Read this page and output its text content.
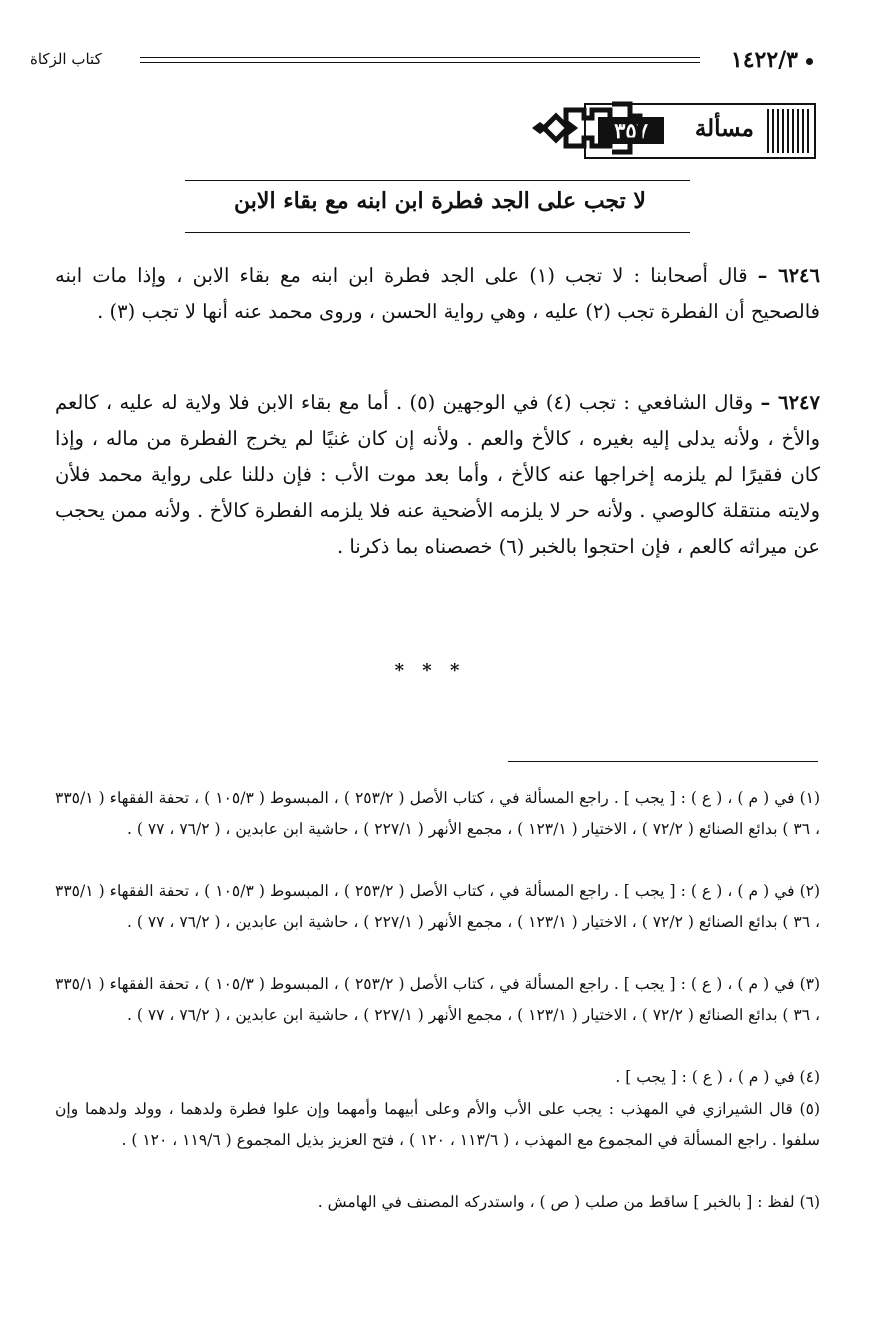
كتاب الزكاة	١٤٢٢/٣
مسألة
٣٥٧
لا تجب على الجد فطرة ابن ابنه مع بقاء الابن
٦٢٤٦ – قال أصحابنا : لا تجب (١) على الجد فطرة ابن ابنه مع بقاء الابن ، وإذا مات ابنه فالصحيح أن الفطرة تجب (٢) عليه ، وهي رواية الحسن ، وروى محمد عنه أنها لا تجب (٣) .
٦٢٤٧ – وقال الشافعي : تجب (٤) في الوجهين (٥) . أما مع بقاء الابن فلا ولاية له عليه ، كالعم والأخ ، ولأنه يدلى إليه بغيره ، كالأخ والعم . ولأنه إن كان غنيًا لم يخرج الفطرة من ماله ، وإذا كان فقيرًا لم يلزمه إخراجها عنه كالأخ ، وأما بعد موت الأب : فإن دللنا على رواية محمد فلأن ولايته منتقلة كالوصي . ولأنه حر لا يلزمه الأضحية عنه فلا يلزمه الفطرة كالأخ . ولأنه ممن يحجب عن ميراثه كالعم ، فإن احتجوا بالخبر (٦) خصصناه بما ذكرنا .
* * *
(١) في ( م ) ، ( ع ) : [ يجب ] . راجع المسألة في ، كتاب الأصل ( ٢٥٣/٢ ) ، المبسوط ( ١٠٥/٣ ) ، تحفة الفقهاء ( ٣٣٥/١ ، ٣٦ ) بدائع الصنائع ( ٧٢/٢ ) ، الاختيار ( ١٢٣/١ ) ، مجمع الأنهر ( ٢٢٧/١ ) ، حاشية ابن عابدين ، ( ٧٦/٢ ، ٧٧ ) .
(٢) في ( م ) ، ( ع ) : [ يجب ] . راجع المسألة في ، كتاب الأصل ( ٢٥٣/٢ ) ، المبسوط ( ١٠٥/٣ ) ، تحفة الفقهاء ( ٣٣٥/١ ، ٣٦ ) بدائع الصنائع ( ٧٢/٢ ) ، الاختيار ( ١٢٣/١ ) ، مجمع الأنهر ( ٢٢٧/١ ) ، حاشية ابن عابدين ، ( ٧٦/٢ ، ٧٧ ) .
(٣) في ( م ) ، ( ع ) : [ يجب ] . راجع المسألة في ، كتاب الأصل ( ٢٥٣/٢ ) ، المبسوط ( ١٠٥/٣ ) ، تحفة الفقهاء ( ٣٣٥/١ ، ٣٦ ) بدائع الصنائع ( ٧٢/٢ ) ، الاختيار ( ١٢٣/١ ) ، مجمع الأنهر ( ٢٢٧/١ ) ، حاشية ابن عابدين ، ( ٧٦/٢ ، ٧٧ ) .
(٤) في ( م ) ، ( ع ) : [ يجب ] .
(٥) قال الشيرازي في المهذب : يجب على الأب والأم وعلى أبيهما وأمهما وإن علوا فطرة ولدهما ، وولد ولدهما وإن سلفوا . راجع المسألة في المجموع مع المهذب ، ( ١١٣/٦ ، ١٢٠ ) ، فتح العزيز بذيل المجموع ( ١١٩/٦ ، ١٢٠ ) .
(٦) لفظ : [ بالخبر ] ساقط من صلب ( ص ) ، واستدركه المصنف في الهامش .
